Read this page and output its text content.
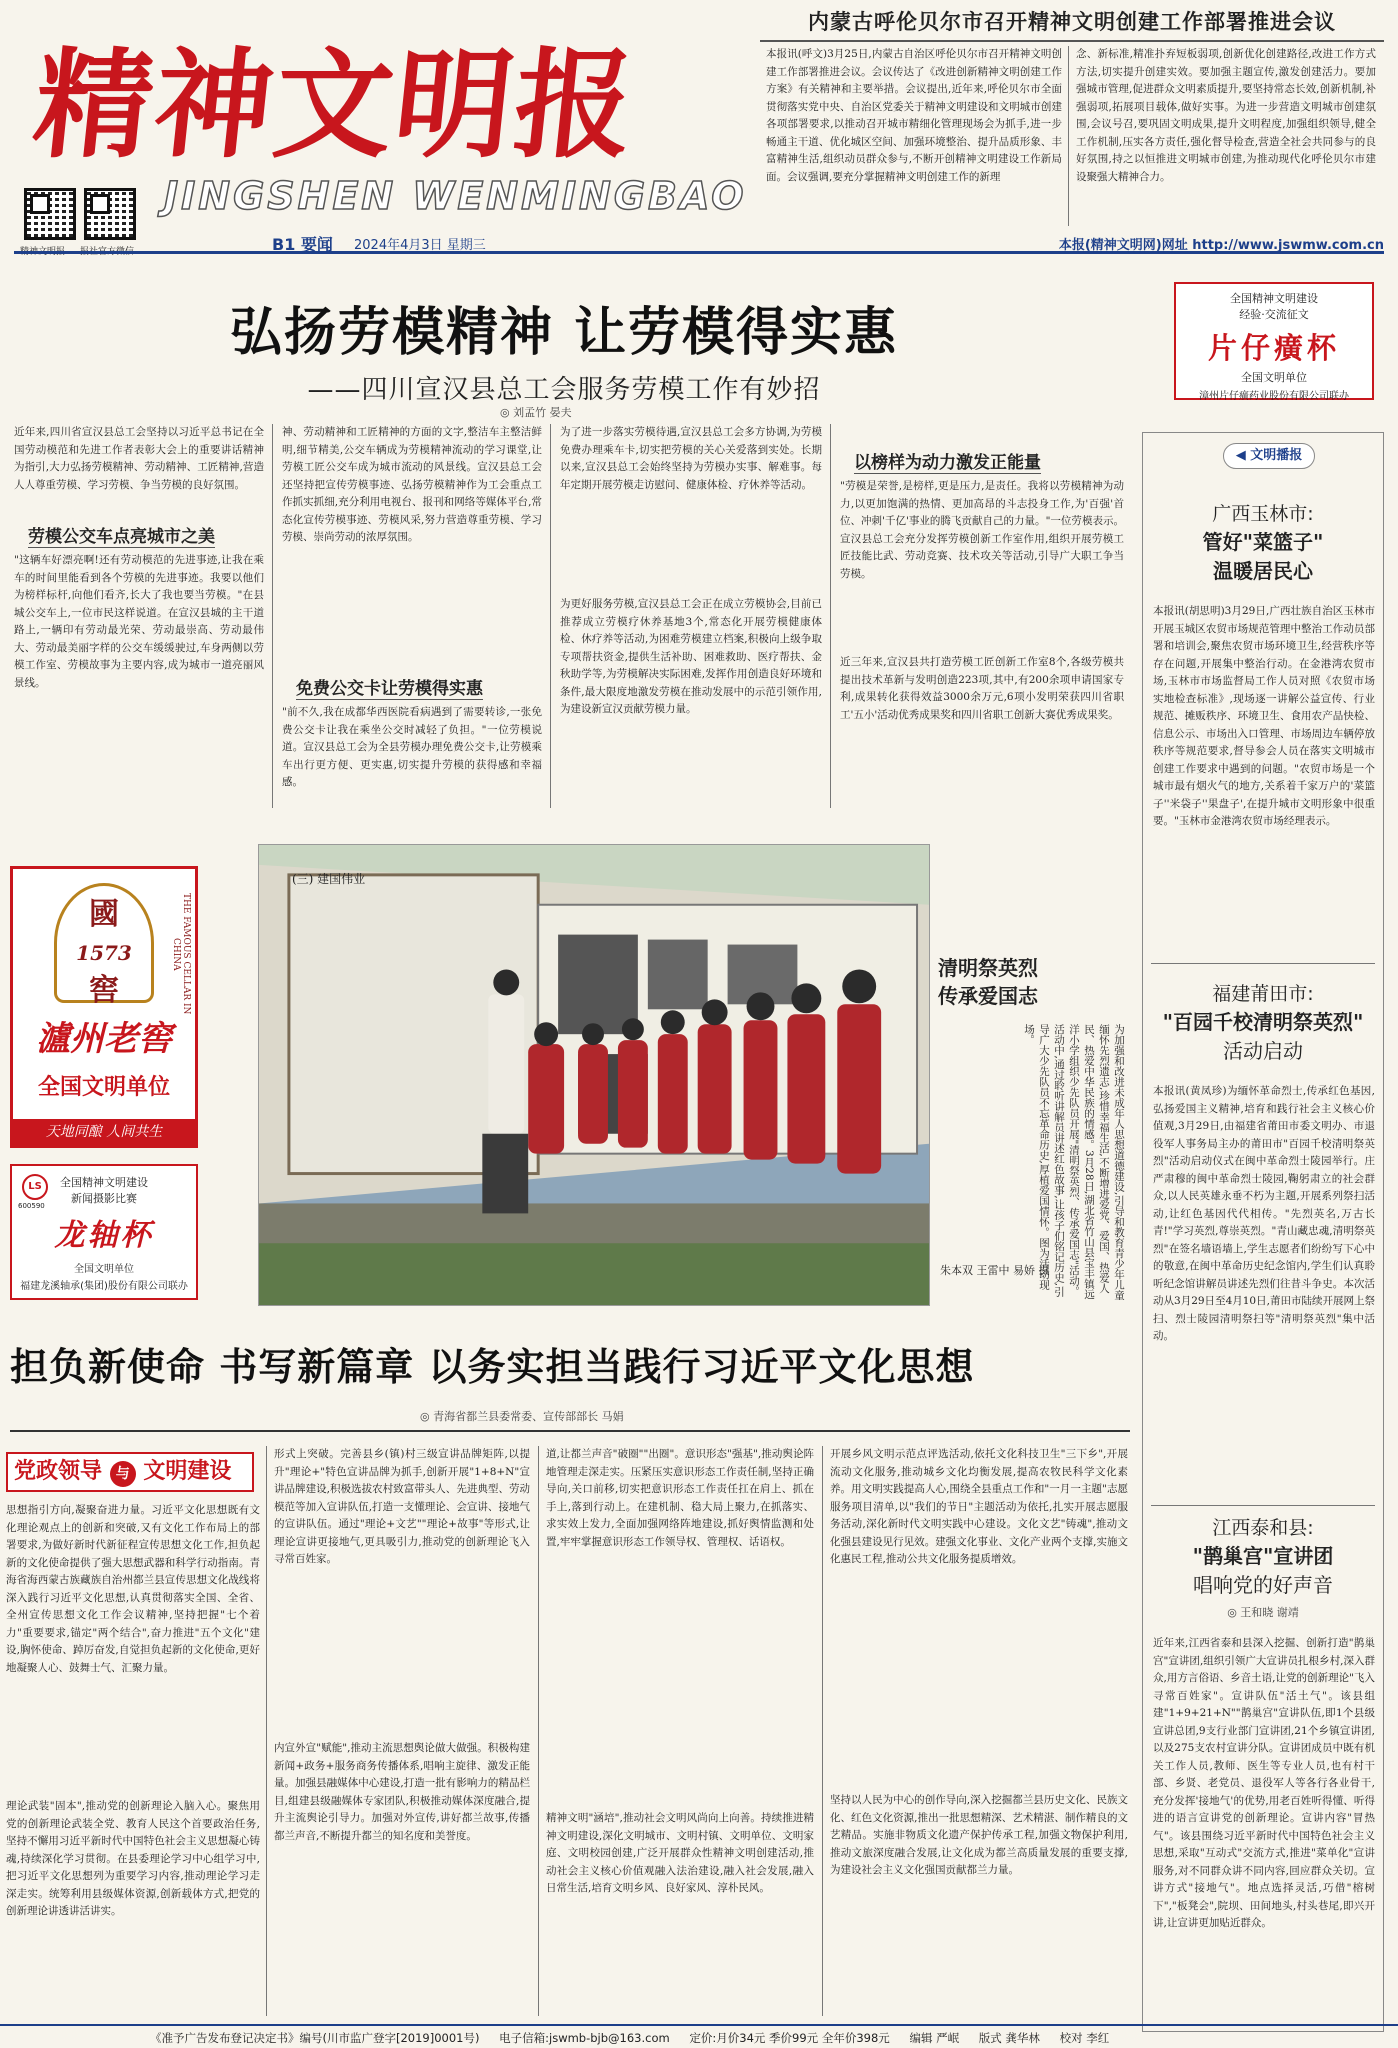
精神文明报
JINGSHEN WENMINGBAO
精神文明报 报社官方微信	B1 要闻 2024年4月3日 星期三	本报(精神文明网)网址 http://www.jswmw.com.cn
内蒙古呼伦贝尔市召开精神文明创建工作部署推进会议
本报讯(呼文)3月25日,内蒙古自治区呼伦贝尔市召开精神文明创建工作部署推进会议。会议传达了《改进创新精神文明创建工作方案》有关精神和主要举措。会议提出,近年来,呼伦贝尔市全面贯彻落实党中央、自治区党委关于精神文明建设和文明城市创建各项部署要求,以推动召开城市精细化管理现场会为抓手,进一步畅通主干道、优化城区空间、加强环境整治、提升品质形象、丰富精神生活,组织动员群众参与,不断开创精神文明建设工作新局面。会议强调,要充分掌握精神文明创建工作的新理
念、新标准,精准扑弃短板弱项,创新优化创建路径,改进工作方式方法,切实提升创建实效。要加强主题宣传,激发创建活力。要加强城市管理,促进群众文明素质提升,要坚持常态长效,创新机制,补强弱项,拓展项目载体,做好实事。为进一步营造文明城市创建氛围,会议号召,要巩固文明成果,提升文明程度,加强组织领导,健全工作机制,压实各方责任,强化督导检查,营造全社会共同参与的良好氛围,持之以恒推进文明城市创建,为推动现代化呼伦贝尔市建设聚强大精神合力。
弘扬劳模精神 让劳模得实惠
——四川宣汉县总工会服务劳模工作有妙招
◎ 刘孟竹 晏夫
近年来,四川省宣汉县总工会坚持以习近平总书记在全国劳动模范和先进工作者表彰大会上的重要讲话精神为指引,大力弘扬劳模精神、劳动精神、工匠精神,营造人人尊重劳模、学习劳模、争当劳模的良好氛围。
劳模公交车点亮城市之美
"这辆车好漂亮啊!还有劳动模范的先进事迹,让我在乘车的时间里能看到各个劳模的先进事迹。我要以他们为榜样标杆,向他们看齐,长大了我也要当劳模。"在县城公交车上,一位市民这样说道。在宣汉县城的主干道路上,一辆印有劳动最光荣、劳动最崇高、劳动最伟大、劳动最美丽字样的公交车缓缓驶过,车身两侧以劳模工作室、劳模故事为主要内容,成为城市一道亮丽风景线。
神、劳动精神和工匠精神的方面的文字,整洁车主整洁鲜明,细节精美,公交车辆成为劳模精神流动的学习课堂,让劳模工匠公交车成为城市流动的风景线。宣汉县总工会还坚持把宣传劳模事迹、弘扬劳模精神作为工会重点工作抓实抓细,充分利用电视台、报刊和网络等媒体平台,常态化宣传劳模事迹、劳模风采,努力营造尊重劳模、学习劳模、崇尚劳动的浓厚氛围。
免费公交卡让劳模得实惠
"前不久,我在成都华西医院看病遇到了需要转诊,一张免费公交卡让我在乘坐公交时减轻了负担。"一位劳模说道。宣汉县总工会为全县劳模办理免费公交卡,让劳模乘车出行更方便、更实惠,切实提升劳模的获得感和幸福感。
为了进一步落实劳模待遇,宣汉县总工会多方协调,为劳模免费办理乘车卡,切实把劳模的关心关爱落到实处。长期以来,宣汉县总工会始终坚持为劳模办实事、解难事。每年定期开展劳模走访慰问、健康体检、疗休养等活动。
为更好服务劳模,宣汉县总工会正在成立劳模协会,目前已推荐成立劳模疗休养基地3个,常态化开展劳模健康体检、休疗养等活动,为困难劳模建立档案,积极向上级争取专项帮扶资金,提供生活补助、困难救助、医疗帮扶、金秋助学等,为劳模解决实际困难,发挥作用创造良好环境和条件,最大限度地激发劳模在推动发展中的示范引领作用,为建设新宣汉贡献劳模力量。
以榜样为动力激发正能量
"劳模是荣誉,是榜样,更是压力,是责任。我将以劳模精神为动力,以更加饱满的热情、更加高昂的斗志投身工作,为'百强'首位、冲刺'千亿'事业的腾飞贡献自己的力量。"一位劳模表示。宣汉县总工会充分发挥劳模创新工作室作用,组织开展劳模工匠技能比武、劳动竞赛、技术攻关等活动,引导广大职工争当劳模。
近三年来,宣汉县共打造劳模工匠创新工作室8个,各级劳模共提出技术革新与发明创造223项,其中,有200余项申请国家专利,成果转化获得效益3000余万元,6项小发明荣获四川省职工'五小'活动优秀成果奖和四川省职工创新大赛优秀成果奖。
全国精神文明建设
经验·交流征文
片仔癀杯
全国文明单位
漳州片仔癀药业股份有限公司联办
◀ 文明播报
广西玉林市:
管好"菜篮子"
温暖居民心
本报讯(胡思明)3月29日,广西壮族自治区玉林市开展玉城区农贸市场规范管理中整治工作动员部署和培训会,聚焦农贸市场环境卫生,经营秩序等存在问题,开展集中整治行动。在金港湾农贸市场,玉林市市场监督局工作人员对照《农贸市场实地检查标准》,现场逐一讲解公益宣传、行业规范、摊贩秩序、环境卫生、食用农产品快检、信息公示、市场出入口管理、市场周边车辆停放秩序等规范要求,督导参会人员在落实文明城市创建工作要求中遇到的问题。"农贸市场是一个城市最有烟火气的地方,关系着千家万户的'菜篮子''米袋子''果盘子',在提升城市文明形象中很重要。"玉林市金港湾农贸市场经理表示。
福建莆田市:
"百园千校清明祭英烈"
活动启动
本报讯(黄凤珍)为缅怀革命烈士,传承红色基因,弘扬爱国主义精神,培育和践行社会主义核心价值观,3月29日,由福建省莆田市委文明办、市退役军人事务局主办的莆田市"百园千校清明祭英烈"活动启动仪式在闽中革命烈士陵园举行。庄严肃穆的闽中革命烈士陵园,鞠躬肃立的社会群众,以人民英雄永垂不朽为主题,开展系列祭扫活动,让红色基因代代相传。"先烈英名,万古长青!"学习英烈,尊崇英烈。"青山藏忠魂,清明祭英烈"在签名墙语墙上,学生志愿者们纷纷写下心中的敬意,在闽中革命历史纪念馆内,学生们认真聆听纪念馆讲解员讲述先烈们往昔斗争史。本次活动从3月29日至4月10日,莆田市陆续开展网上祭扫、烈士陵园清明祭扫等"清明祭英烈"集中活动。
江西泰和县:
"鹊巢宫"宣讲团
唱响党的好声音
◎ 王和晓 谢靖
近年来,江西省泰和县深入挖掘、创新打造"鹊巢宫"宣讲团,组织引领广大宣讲员扎根乡村,深入群众,用方言俗语、乡音土语,让党的创新理论"飞入寻常百姓家"。宣讲队伍"活土气"。该县组建"1+9+21+N""鹊巢宫"宣讲队伍,即1个县级宣讲总团,9支行业部门宣讲团,21个乡镇宣讲团,以及275支农村宣讲分队。宣讲团成员中既有机关工作人员,教师、医生等专业人员,也有村干部、乡贤、老党员、退役军人等各行各业骨干,充分发挥'接地气'的优势,用老百姓听得懂、听得进的语言宣讲党的创新理论。宣讲内容"冒热气"。该县围绕习近平新时代中国特色社会主义思想,采取"互动式"交流方式,推进"菜单化"宣讲服务,对不同群众讲不同内容,回应群众关切。宣讲方式"接地气"。地点选择灵活,巧借"榕树下","板凳会",院坝、田间地头,村头巷尾,即兴开讲,让宣讲更加贴近群众。
國
1573
窖	THE FAMOUS CELLAR IN CHINA
瀘州老窖
全国文明单位
天地同酿 人间共生
LS
600590
全国精神文明建设
新闻摄影比赛
龙轴杯
全国文明单位
福建龙溪轴承(集团)股份有限公司联办
(三) 建国伟业
清明祭英烈
传承爱国志
为加强和改进未成年人思想道德建设,引导和教育青少年儿童缅怀先烈遗志,珍惜幸福生活,不断增进爱党、爱国、热爱人民、热爱中华民族的情感。3月28日,湖北省竹山县宝丰镇远洋小学组织少先队员开展"清明祭英烈、传承爱国志"活动。活动中,通过聆听讲解员讲述红色故事,让孩子们铭记历史,引导广大少先队员不忘革命历史,厚植爱国情怀。图为活动现场。
朱本双 王雷中 易娇 摄
担负新使命 书写新篇章 以务实担当践行习近平文化思想
◎ 青海省都兰县委常委、宣传部部长 马娟
党政领导 与 文明建设
思想指引方向,凝聚奋进力量。习近平文化思想既有文化理论观点上的创新和突破,又有文化工作布局上的部署要求,为做好新时代新征程宣传思想文化工作,担负起新的文化使命提供了强大思想武器和科学行动指南。青海省海西蒙古族藏族自治州都兰县宣传思想文化战线将深入践行习近平文化思想,认真贯彻落实全国、全省、全州宣传思想文化工作会议精神,坚持把握"七个着力"重要要求,锚定"两个结合",奋力推进"五个文化"建设,胸怀使命、踔厉奋发,自觉担负起新的文化使命,更好地凝聚人心、鼓舞士气、汇聚力量。
理论武装"固本",推动党的创新理论入脑入心。聚焦用党的创新理论武装全党、教育人民这个首要政治任务,坚持不懈用习近平新时代中国特色社会主义思想凝心铸魂,持续深化学习贯彻。在县委理论学习中心组学习中,把习近平文化思想列为重要学习内容,推动理论学习走深走实。统筹利用县级媒体资源,创新载体方式,把党的创新理论讲透讲活讲实。
形式上突破。完善县乡(镇)村三级宣讲品牌矩阵,以提升"理论+"特色宣讲品牌为抓手,创新开展"1+8+N"宣讲品牌建设,积极选拔农村致富带头人、先进典型、劳动模范等加入宣讲队伍,打造一支懂理论、会宣讲、接地气的宣讲队伍。通过"理论+文艺""理论+故事"等形式,让理论宣讲更接地气,更具吸引力,推动党的创新理论飞入寻常百姓家。
内宣外宣"赋能",推动主流思想舆论做大做强。积极构建新闻+政务+服务商务传播体系,唱响主旋律、激发正能量。加强县融媒体中心建设,打造一批有影响力的精品栏目,组建县级融媒体专家团队,积极推动媒体深度融合,提升主流舆论引导力。加强对外宣传,讲好都兰故事,传播都兰声音,不断提升都兰的知名度和美誉度。
道,让都兰声音"破圈""出圈"。意识形态"强基",推动舆论阵地管理走深走实。压紧压实意识形态工作责任制,坚持正确导向,关口前移,切实把意识形态工作责任扛在肩上、抓在手上,落到行动上。在建机制、稳大局上聚力,在抓落实、求实效上发力,全面加强网络阵地建设,抓好舆情监测和处置,牢牢掌握意识形态工作领导权、管理权、话语权。
精神文明"涵培",推动社会文明风尚向上向善。持续推进精神文明建设,深化文明城市、文明村镇、文明单位、文明家庭、文明校园创建,广泛开展群众性精神文明创建活动,推动社会主义核心价值观融入法治建设,融入社会发展,融入日常生活,培育文明乡风、良好家风、淳朴民风。
开展乡风文明示范点评选活动,依托文化科技卫生"三下乡",开展流动文化服务,推动城乡文化均衡发展,提高农牧民科学文化素养。用文明实践提高人心,围绕全县重点工作和"一月一主题"志愿服务项目清单,以"我们的节日"主题活动为依托,扎实开展志愿服务活动,深化新时代文明实践中心建设。文化文艺"铸魂",推动文化强县建设见行见效。建强文化事业、文化产业两个支撑,实施文化惠民工程,推动公共文化服务提质增效。
坚持以人民为中心的创作导向,深入挖掘都兰县历史文化、民族文化、红色文化资源,推出一批思想精深、艺术精湛、制作精良的文艺精品。实施非物质文化遗产保护传承工程,加强文物保护利用,推动文旅深度融合发展,让文化成为都兰高质量发展的重要支撑,为建设社会主义文化强国贡献都兰力量。
《准予广告发布登记决定书》编号(川市监广登字[2019]0001号) 电子信箱:jswmb-bjb@163.com 定价:月价34元 季价99元 全年价398元 编辑 严岷 版式 龚华林 校对 李红
